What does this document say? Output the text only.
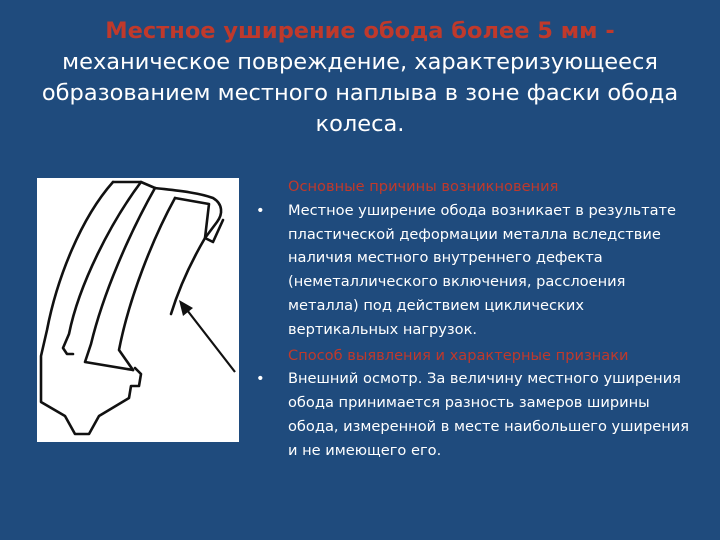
Местное уширение обода более 5 мм -
механическое повреждение, характеризующееся образованием местного наплыва в зоне фаски обода колеса.
Основные причины возникновения
• Местное уширение обода возникает в результате пластической деформации металла вследствие наличия местного внутреннего дефекта (неметаллического включения, расслоения металла) под действием циклических вертикальных нагрузок.
Способ выявления и характерные признаки
• Внешний осмотр. За величину местного уширения обода принимается разность замеров ширины обода, измеренной в месте наибольшего уширения и не имеющего его.
